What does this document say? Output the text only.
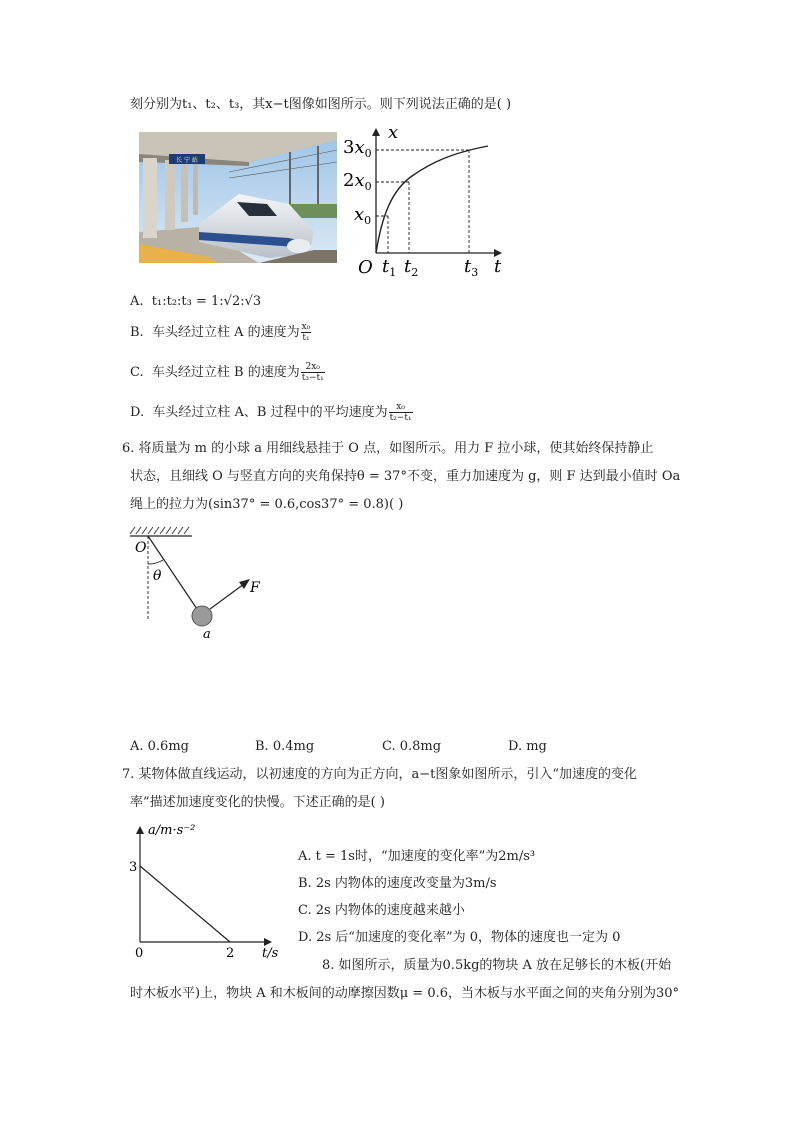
刻分别为t₁、t₂、t₃，其x−t图像如图所示。则下列说法正确的是( )
长 宁 站
x
t
O
$3x_0$
$2x_0$
$x_0$
$t_1$ $t_2$	$t_3$
A. t₁:t₂:t₃ = 1:√2:√3
B. 车头经过立柱 A 的速度为 $\frac{\text{x₀}}{\text{t₁}}$
C. 车头经过立柱 B 的速度为 $\frac{\text{2x₀}}{\text{t₃−t₁}}$
D. 车头经过立柱 A、B 过程中的平均速度为 $\frac{\text{x₀}}{\text{t₂−t₁}}$
6. 将质量为 m 的小球 a 用细线悬挂于 O 点，如图所示。用力 F 拉小球，使其始终保持静止
状态，且细线 O 与竖直方向的夹角保持θ = 37°不变，重力加速度为 g，则 F 达到最小值时 Oa
绳上的拉力为(sin37° = 0.6,cos37° = 0.8)( )
O
θ
F
a
A. 0.6mg	B. 0.4mg	C. 0.8mg	D. mg
7. 某物体做直线运动，以初速度的方向为正方向，a−t图象如图所示，引入“加速度的变化
率”描述加速度变化的快慢。下述正确的是( )
a/m·s⁻²
t/s
3
0	2
A. t = 1s时，“加速度的变化率”为2m/s³
B. 2s 内物体的速度改变量为3m/s
C. 2s 内物体的速度越来越小
D. 2s 后“加速度的变化率”为 0，物体的速度也一定为 0
8. 如图所示，质量为0.5kg的物块 A 放在足够长的木板(开始
时木板水平)上，物块 A 和木板间的动摩擦因数μ = 0.6，当木板与水平面之间的夹角分别为30°
